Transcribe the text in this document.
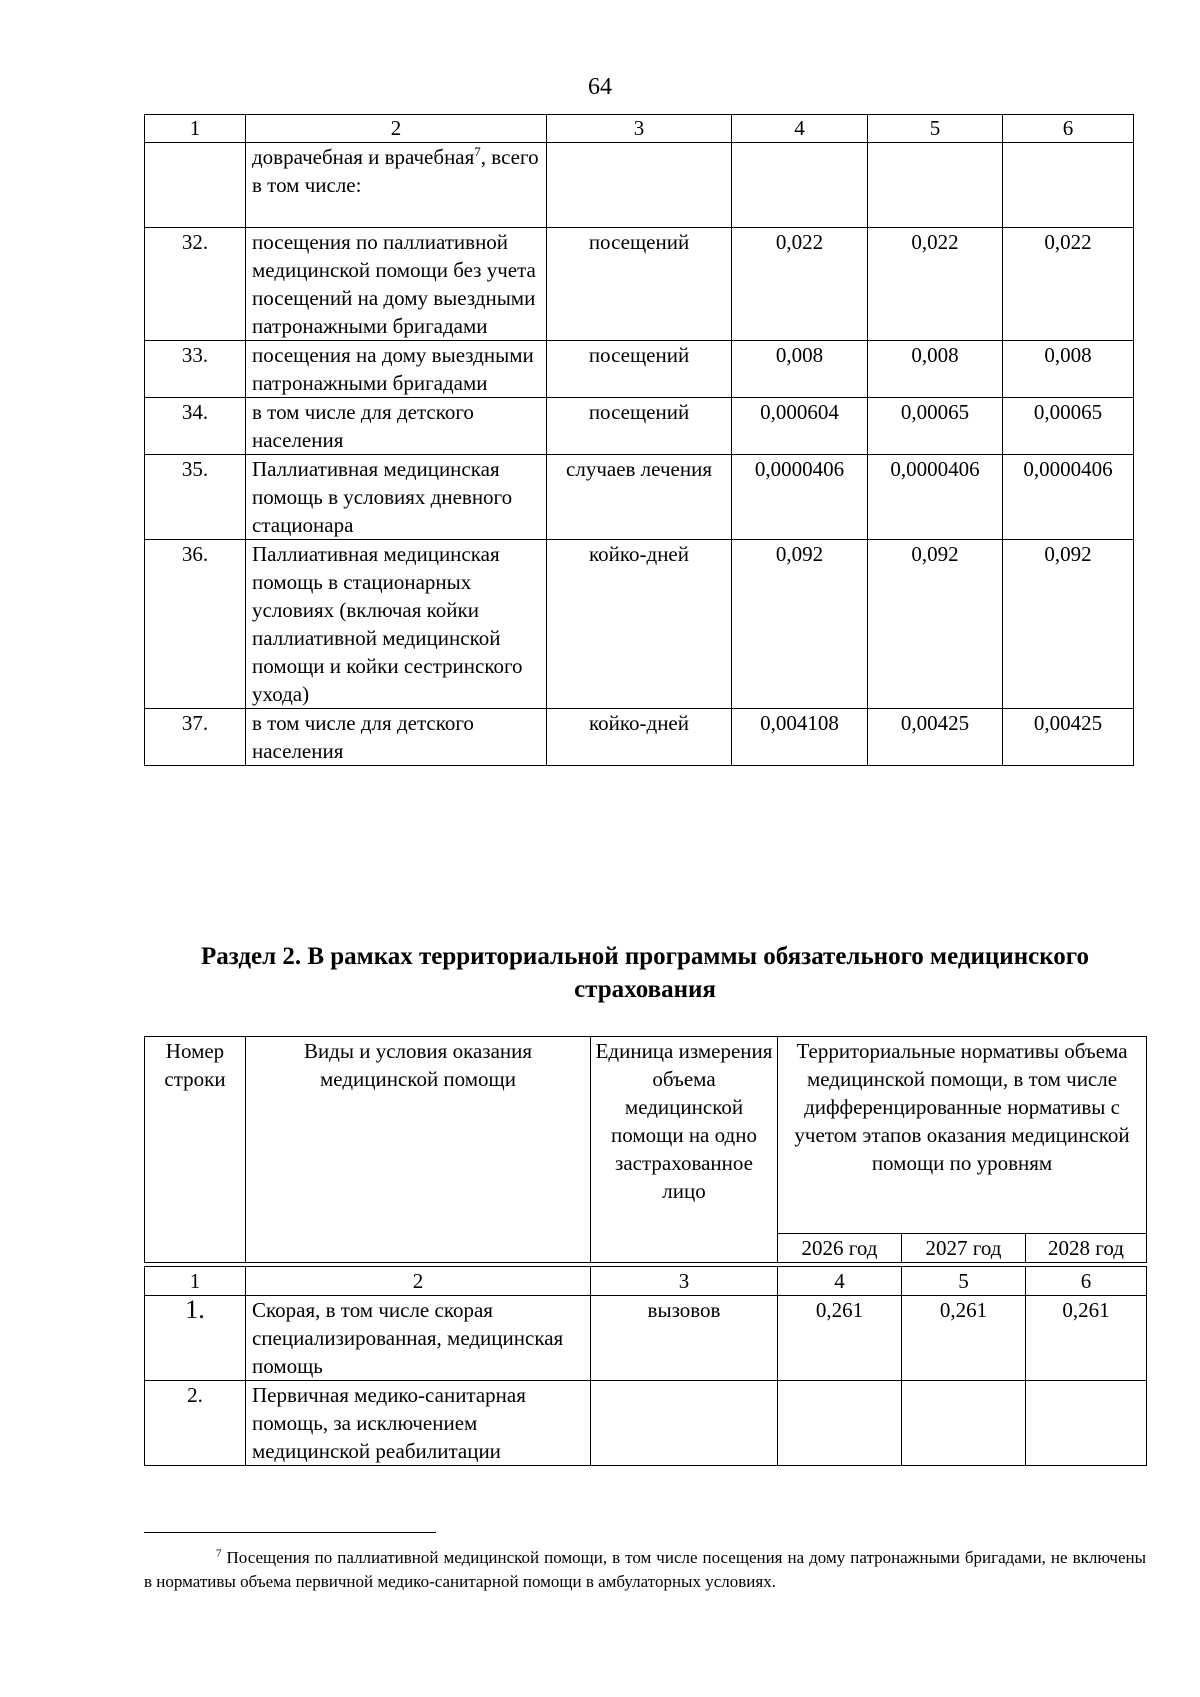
64
1	2	3	4	5	6
	доврачебная и врачебная$^7$, всего в том числе:				
32.	посещения по паллиативной медицинской помощи без учета посещений на дому выездными патронажными бригадами	посещений	0,022	0,022	0,022
33.	посещения на дому выездными патронажными бригадами	посещений	0,008	0,008	0,008
34.	в том числе для детского населения	посещений	0,000604	0,00065	0,00065
35.	Паллиативная медицинская помощь в условиях дневного стационара	случаев лечения	0,0000406	0,0000406	0,0000406
36.	Паллиативная медицинская помощь в стационарных условиях (включая койки паллиативной медицинской помощи и койки сестринского ухода)	койко-дней	0,092	0,092	0,092
37.	в том числе для детского населения	койко-дней	0,004108	0,00425	0,00425
Раздел 2. В рамках территориальной программы обязательного медицинского страхования
Номер строки	Виды и условия оказания медицинской помощи	Единица измерения объема медицинской помощи на одно застрахованное лицо	Территориальные нормативы объема медицинской помощи, в том числе дифференцированные нормативы с учетом этапов оказания медицинской помощи по уровням		
			2026 год	2027 год	2028 год
1	2	3	4	5	6
1.	Скорая, в том числе скорая специализированная, медицинская помощь	вызовов	0,261	0,261	0,261
2.	Первичная медико-санитарная помощь, за исключением медицинской реабилитации				
$^7$ Посещения по паллиативной медицинской помощи, в том числе посещения на дому патронажными бригадами, не включены в нормативы объема первичной медико-санитарной помощи в амбулаторных условиях.
